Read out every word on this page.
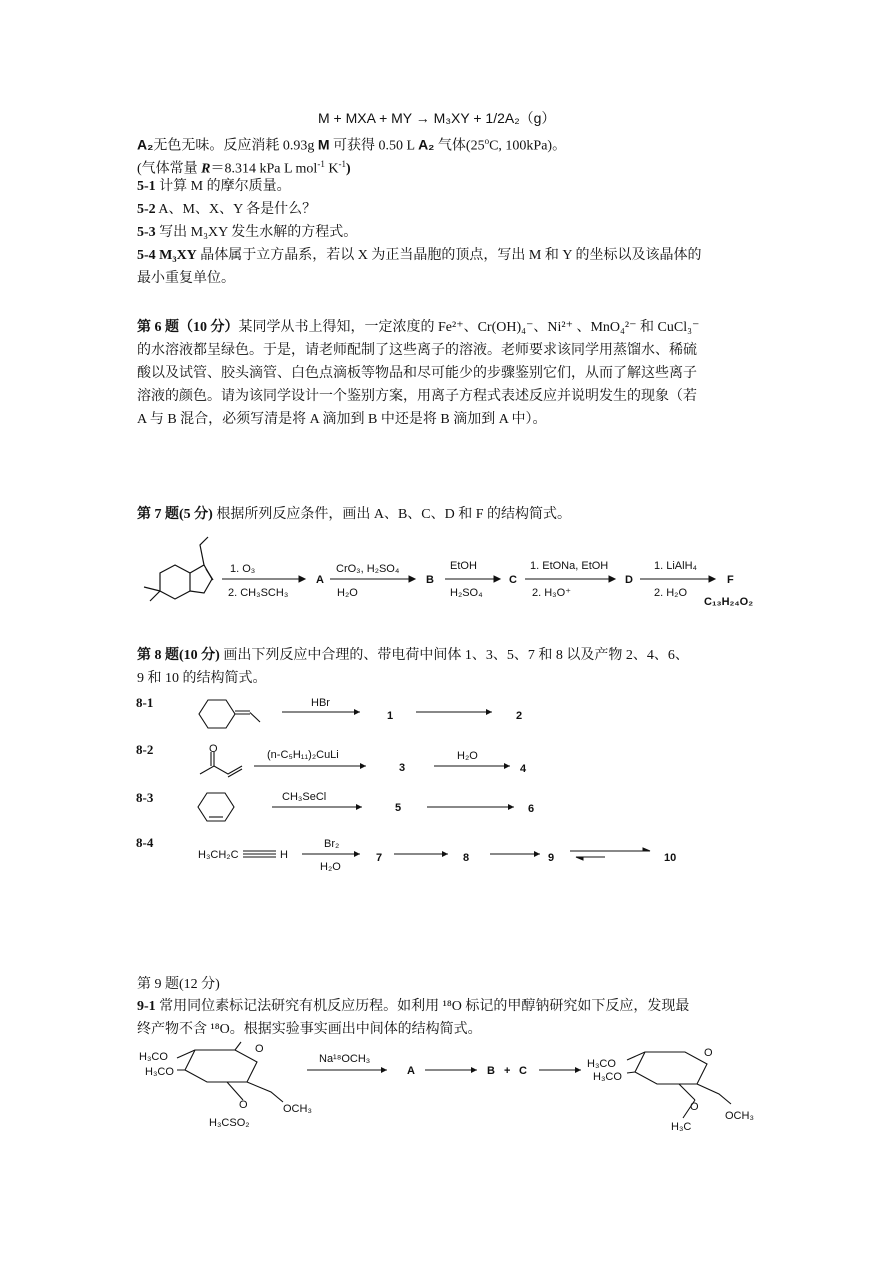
M + MXA + MY → M₃XY + 1/2A₂（g）
A₂无色无味。反应消耗 0.93g M 可获得 0.50 L A₂ 气体(25$^o$C, 100kPa)。
(气体常量 R＝8.314 kPa L mol$^{-1}$ $K^{-1}$)
5-1 计算 M 的摩尔质量。
5-2 A、M、X、Y 各是什么？
5-3 写出 M₃XY 发生水解的方程式。
5-4 M₃XY 晶体属于立方晶系，若以 X 为正当晶胞的顶点，写出 M 和 Y 的坐标以及该晶体的
最小重复单位。
第 6 题（10 分）某同学从书上得知，一定浓度的 Fe²⁺、Cr(OH)₄⁻、Ni²⁺ 、MnO₄²⁻ 和 CuCl₃⁻
的水溶液都呈绿色。于是，请老师配制了这些离子的溶液。老师要求该同学用蒸馏水、稀硫
酸以及试管、胶头滴管、白色点滴板等物品和尽可能少的步骤鉴别它们，从而了解这些离子
溶液的颜色。请为该同学设计一个鉴别方案，用离子方程式表述反应并说明发生的现象（若
A 与 B 混合，必须写清是将 A 滴加到 B 中还是将 B 滴加到 A 中）。
第 7 题(5 分) 根据所列反应条件，画出 A、B、C、D 和 F 的结构简式。
1. O₃
2. CH₃SCH₃
A
CrO₃, H₂SO₄
H₂O
B
EtOH
H₂SO₄
C
1. EtONa, EtOH
2. H₃O⁺
D
1. LiAlH₄
2. H₂O
F
C₁₃H₂₄O₂
第 8 题(10 分) 画出下列反应中合理的、带电荷中间体 1、3、5、7 和 8 以及产物 2、4、6、
9 和 10 的结构简式。
8-1	HBr
1	2
8-2	O	(n-C₅H₁₁)₂CuLi
3
H₂O
4
8-3	CH₃SeCl
5	6
8-4
H₃CH₂C	H
Br₂
H₂O
7	8	9	10
第 9 题(12 分)
9-1 常用同位素标记法研究有机反应历程。如利用 ¹⁸O 标记的甲醇钠研究如下反应，发现最
终产物不含 ¹⁸O。根据实验事实画出中间体的结构简式。
H₃CO
H₃CO
O
O
H₃CSO₂
OCH₃
Na¹⁸OCH₃
A	B + C
H₃CO
H₃CO
O
O
H₃C
OCH₃
